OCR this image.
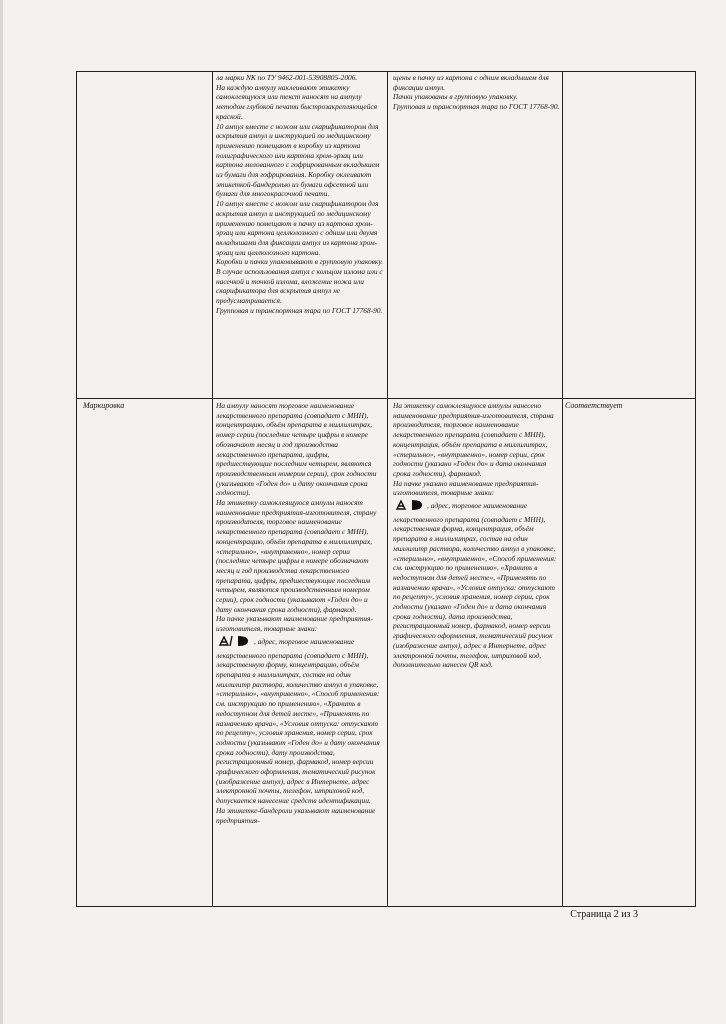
ла марки NK по ТУ 9462-001-53908805-2006.

На каждую ампулу наклеивают этикетку самоклеящуюся или текст наносят на ампулу методом глубокой печати быстрозакрепляющейся краской.

10 ампул вместе с ножом или скарификатором для вскрытия ампул и инструкцией по медицинскому применению помещают в коробку из картона полиграфического или картона хром-эрзац или картона мелованного с гофрированным вкладышем из бумаги для гофрирования. Коробку оклеивают этикеткой-бандеролью из бумаги офсетной или бумаги для многокрасочной печати.

10 ампул вместе с ножом или скарификатором для вскрытия ампул и инструкцией по медицинскому применению помещают в пачку из картона хром-эрзац или картона целлюлозного с одним или двумя вкладышами для фиксации ампул из картона хром-эрзац или целлюлозного картона.

Коробки и пачки упаковывают в групповую упаковку.

В случае использования ампул с кольцом излома или с насечкой и точкой излома, вложение ножа или скарификатора для вскрытия ампул не предусматривается.

Групповая и транспортная тара по ГОСТ 17768-90.

щены в пачку из картона с одним вкладышем для фиксации ампул.

Пачки упакованы в групповую упаковку.

Групповая и транспортная тара по ГОСТ 17768-90.

Маркировка	На ампулу наносят торговое наименование лекарственного препарата (совпадает с МНН), концентрацию, объём препарата в миллилитрах, номер серии (последние четыре цифры в номере обозначают месяц и год производства лекарственного препарата, цифры, предшествующие последним четырем, являются производственным номером серии), срок годности (указывают «Годен до» и дату окончания срока годности).

На этикетку самоклеящуюся ампулы наносят наименование предприятия-изготовителя, страну производителя, торговое наименование лекарственного препарата (совпадает с МНН), концентрацию, объём препарата в миллилитрах, «стерильно», «внутривенно», номер серии (последние четыре цифры в номере обозначают месяц и год производства лекарственного препарата, цифры, предшествующие последним четырем, являются производственным номером серии), срок годности (указывают «Годен до» и дату окончания срока годности), фармакод.

На пачке указывают наименование предприятия-изготовителя, товарные знаки:

, адрес, торговое наименование лекарственного препарата (совпадает с МНН), лекарственную форму, концентрацию, объём препарата в миллилитрах, состав на один миллилитр раствора, количество ампул в упаковке, «стерильно», «внутривенно», «Способ применения: см. инструкцию по применению», «Хранить в недоступном для детей месте», «Применять по назначению врача», «Условия отпуска: отпускают по рецепту», условия хранения, номер серии, срок годности (указывают «Годен до» и дату окончания срока годности), дату производства, регистрационный номер, фармакод, номер версии графического оформления, тематический рисунок (изображение ампул), адрес в Интернете, адрес электронной почты, телефон, штриховой код, допускается нанесение средств идентификации.

На этикетке-бандероли указывают наименование предприятия-

На этикетку самоклеящуюся ампулы нанесено наименование предприятия-изготовителя, страна производителя, торговое наименование лекарственного препарата (совпадает с МНН), концентрация, объём препарата в миллилитрах, «стерильно», «внутривенно», номер серии, срок годности (указано «Годен до» и дата окончания срока годности), фармакод.

На пачке указано наименование предприятия-изготовителя, товарные знаки:

, адрес, торговое наименование лекарственного препарата (совпадает с МНН), лекарственная форма, концентрация, объём препарата в миллилитрах, состав на один миллилитр раствора, количество ампул в упаковке, «стерильно», «внутривенно», «Способ применения: см. инструкцию по применению», «Хранить в недоступном для детей месте», «Применять по назначению врача», «Условия отпуска: отпускают по рецепту», условия хранения, номер серии, срок годности (указано «Годен до» и дата окончания срока годности), дата производства, регистрационный номер, фармакод, номер версии графического оформления, тематический рисунок (изображение ампул), адрес в Интернете, адрес электронной почты, телефон, штриховой код, дополнительно нанесен QR код.

Соответствует
Страница 2 из 3
